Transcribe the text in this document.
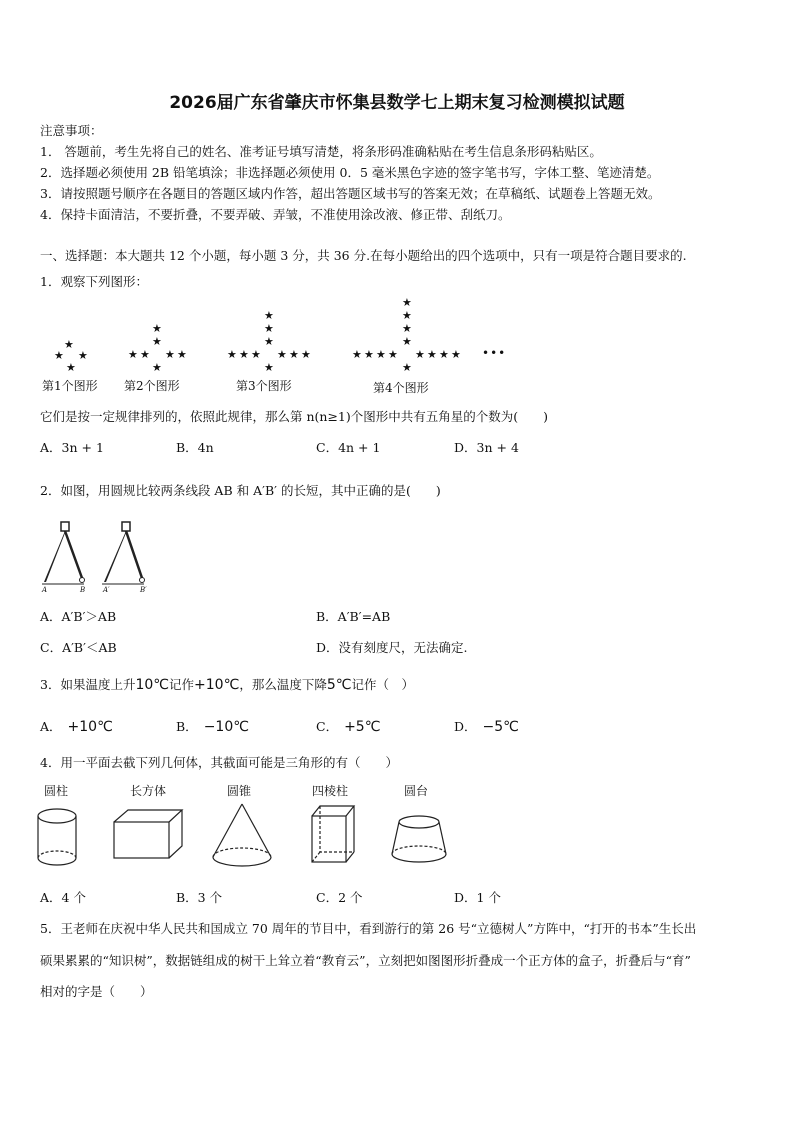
2026届广东省肇庆市怀集县数学七上期末复习检测模拟试题
注意事项：
1． 答题前，考生先将自己的姓名、准考证号填写清楚，将条形码准确粘贴在考生信息条形码粘贴区。
2．选择题必须使用 2B 铅笔填涂；非选择题必须使用 0．5 毫米黑色字迹的签字笔书写，字体工整、笔迹清楚。
3．请按照题号顺序在各题目的答题区域内作答，超出答题区域书写的答案无效；在草稿纸、试题卷上答题无效。
4．保持卡面清洁，不要折叠，不要弄破、弄皱，不准使用涂改液、修正带、刮纸刀。
一、选择题：本大题共 12 个小题，每小题 3 分，共 36 分.在每小题给出的四个选项中，只有一项是符合题目要求的.
1．观察下列图形：
★
★ ★
★
★
★
★ ★ ★ ★
★
★
★
★
★ ★ ★ ★ ★ ★
★
★
★
★
★
★ ★ ★ ★ ★ ★ ★ ★
★
•••
第1个图形 第2个图形	第3个图形	第4个图形
它们是按一定规律排列的，依照此规律，那么第 n(n≥1)个图形中共有五角星的个数为(　　)
A．3n + 1	B．4n	C．4n + 1	D．3n + 4
2．如图，用圆规比较两条线段 AB 和 A′B′ 的长短，其中正确的是(　　)
A	B	A′	B′
A．A′B′＞AB	B．A′B′=AB
C．A′B′＜AB	D．没有刻度尺，无法确定.
3．如果温度上升10℃记作+10℃，那么温度下降5℃记作（　）
A． +10℃	B． −10℃	C． +5℃	D． −5℃
4．用一平面去截下列几何体，其截面可能是三角形的有（　　）
圆柱	长方体	圆锥	四棱柱	圆台
A．4 个	B．3 个	C．2 个	D．1 个
5．王老师在庆祝中华人民共和国成立 70 周年的节目中，看到游行的第 26 号“立德树人”方阵中，“打开的书本”生长出
硕果累累的“知识树”，数据链组成的树干上耸立着“教育云”，立刻把如图图形折叠成一个正方体的盒子，折叠后与“育”
相对的字是（　　）
